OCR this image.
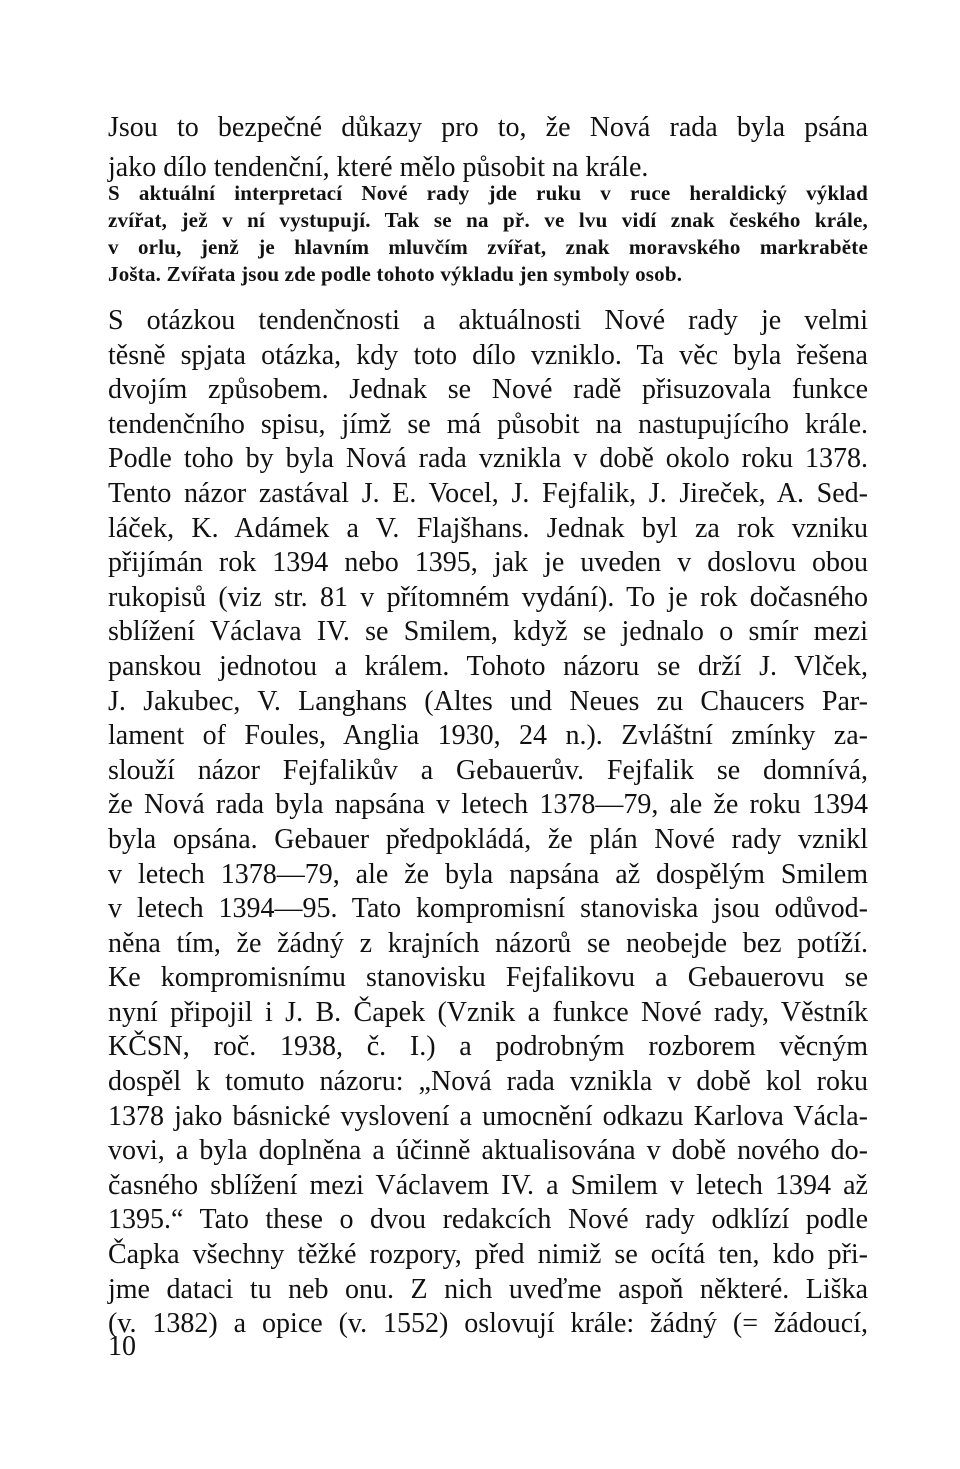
Jsou to bezpečné důkazy pro to, že Nová rada byla psána
jako dílo tendenční, které mělo působit na krále.

S aktuální interpretací Nové rady jde ruku v ruce heraldický výklad
zvířat, jež v ní vystupují. Tak se na př. ve lvu vidí znak českého krále,
v orlu, jenž je hlavním mluvčím zvířat, znak moravského markraběte
Jošta. Zvířata jsou zde podle tohoto výkladu jen symboly osob.

S otázkou tendenčnosti a aktuálnosti Nové rady je velmi
těsně spjata otázka, kdy toto dílo vzniklo. Ta věc byla řešena
dvojím způsobem. Jednak se Nové radě přisuzovala funkce
tendenčního spisu, jímž se má působit na nastupujícího krále.
Podle toho by byla Nová rada vznikla v době okolo roku 1378.
Tento názor zastával J. E. Vocel, J. Fejfalik, J. Jireček, A. Sed-
láček, K. Adámek a V. Flajšhans. Jednak byl za rok vzniku
přijímán rok 1394 nebo 1395, jak je uveden v doslovu obou
rukopisů (viz str. 81 v přítomném vydání). To je rok dočasného
sblížení Václava IV. se Smilem, když se jednalo o smír mezi
panskou jednotou a králem. Tohoto názoru se drží J. Vlček,
J. Jakubec, V. Langhans (Altes und Neues zu Chaucers Par-
lament of Foules, Anglia 1930, 24 n.). Zvláštní zmínky za-
slouží názor Fejfalikův a Gebauerův. Fejfalik se domnívá,
že Nová rada byla napsána v letech 1378—79, ale že roku 1394
byla opsána. Gebauer předpokládá, že plán Nové rady vznikl
v letech 1378—79, ale že byla napsána až dospělým Smilem
v letech 1394—95. Tato kompromisní stanoviska jsou odůvod-
něna tím, že žádný z krajních názorů se neobejde bez potíží.
Ke kompromisnímu stanovisku Fejfalikovu a Gebauerovu se
nyní připojil i J. B. Čapek (Vznik a funkce Nové rady, Věstník
KČSN, roč. 1938, č. I.) a podrobným rozborem věcným
dospěl k tomuto názoru: „Nová rada vznikla v době kol roku
1378 jako básnické vyslovení a umocnění odkazu Karlova Václa-
vovi, a byla doplněna a účinně aktualisována v době nového do-
časného sblížení mezi Václavem IV. a Smilem v letech 1394 až
1395.“ Tato these o dvou redakcích Nové rady odklízí podle
Čapka všechny těžké rozpory, před nimiž se ocítá ten, kdo při-
jme dataci tu neb onu. Z nich uveďme aspoň některé. Liška
(v. 1382) a opice (v. 1552) oslovují krále: žádný (= žádoucí,

10
